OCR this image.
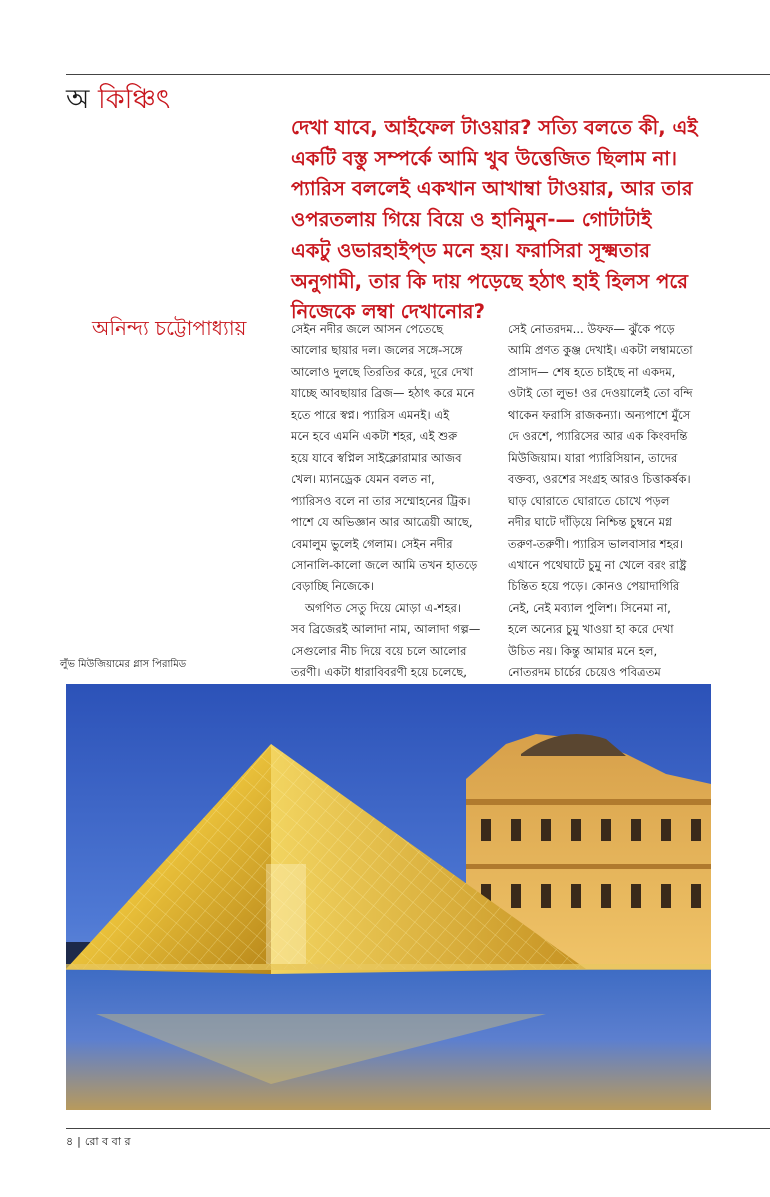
অ কিঞ্চিৎ
দেখা যাবে, আইফেল টাওয়ার? সত্যি বলতে কী, এই
একটি বস্তু সম্পর্কে আমি খুব উত্তেজিত ছিলাম না।
প্যারিস বললেই একখান আখাম্বা টাওয়ার, আর তার
ওপরতলায় গিয়ে বিয়ে ও হানিমুন-— গোটাটাই
একটু ওভারহাইপ্‌ড মনে হয়। ফরাসিরা সূক্ষ্মতার
অনুগামী, তার কি দায় পড়েছে হঠাৎ হাই হিলস পরে
নিজেকে লম্বা দেখানোর?
অনিন্দ্য চট্টোপাধ্যায়	সেইন নদীর জলে আসন পেতেছে
আলোর ছায়ার দল। জলের সঙ্গে-সঙ্গে
আলোও দুলছে তিরতির করে, দূরে দেখা
যাচ্ছে আবছায়ার ব্রিজ— হঠাৎ করে মনে
হতে পারে স্বপ্ন। প্যারিস এমনই। এই
মনে হবে এমনি একটা শহর, এই শুরু
হয়ে যাবে স্বপ্নিল সাইক্লোরামার আজব
খেল। ম্যানড্রেক যেমন বলত না,
প্যারিসও বলে না তার সম্মোহনের ট্রিক।
পাশে যে অভিজ্ঞান আর আত্রেয়ী আছে,
বেমালুম ভুলেই গেলাম। সেইন নদীর
সোনালি-কালো জলে আমি তখন হাতড়ে
বেড়াচ্ছি নিজেকে।
অগণিত সেতু দিয়ে মোড়া এ-শহর।
সব ব্রিজেরই আলাদা নাম, আলাদা গল্প—
সেগুলোর নীচ দিয়ে বয়ে চলে আলোর
তরণী। একটা ধারাবিবরণী হয়ে চলেছে,
সেই নোতরদম... উফফ— ঝুঁকে পড়ে
আমি প্রণত কুঞ্জ দেখাই। একটা লম্বামতো
প্রাসাদ— শেষ হতে চাইছে না একদম,
ওটাই তো লুভ! ওর দেওয়ালেই তো বন্দি
থাকেন ফরাসি রাজকন্যা। অন্যপাশে মুঁসে
দে ওরশে, প্যারিসের আর এক কিংবদন্তি
মিউজিয়াম। যারা প্যারিসিয়ান, তাদের
বক্তব্য, ওরশের সংগ্রহ আরও চিত্তাকর্ষক।
ঘাড় ঘোরাতে ঘোরাতে চোখে পড়ল
নদীর ঘাটে দাঁড়িয়ে নিশ্চিন্ত চুম্বনে মগ্ন
তরুণ-তরুণী। প্যারিস ভালবাসার শহর।
এখানে পথেঘাটে চুমু না খেলে বরং রাষ্ট্র
চিন্তিত হয়ে পড়ে। কোনও পেয়াদাগিরি
নেই, নেই মব্যাল পুলিশ। সিনেমা না,
হলে অন্যের চুমু খাওয়া হা করে দেখা
উচিত নয়। কিন্তু আমার মনে হল,
নোতরদম চার্চের চেয়েও পবিত্রতম
লুঁভ মিউজিয়ামের গ্লাস পিরামিড
৪ | রো ব বা র
